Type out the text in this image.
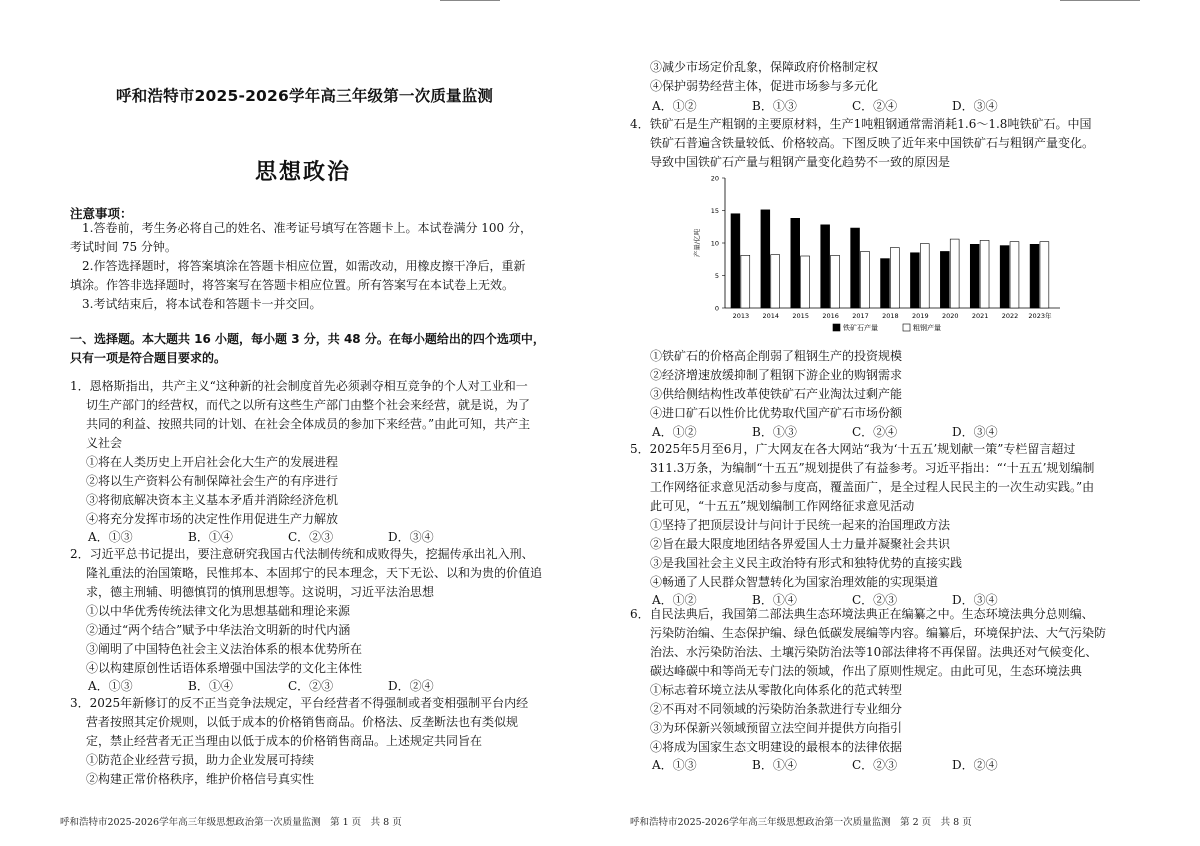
呼和浩特市2025-2026学年高三年级第一次质量监测
思想政治
注意事项：
1.答卷前，考生务必将自己的姓名、准考证号填写在答题卡上。本试卷满分 100 分，
考试时间 75 分钟。
2.作答选择题时，将答案填涂在答题卡相应位置，如需改动，用橡皮擦干净后，重新
填涂。作答非选择题时，将答案写在答题卡相应位置。所有答案写在本试卷上无效。
3.考试结束后，将本试卷和答题卡一并交回。
一、选择题。本大题共 16 小题，每小题 3 分，共 48 分。在每小题给出的四个选项中，
只有一项是符合题目要求的。
1．恩格斯指出，共产主义“这种新的社会制度首先必须剥夺相互竞争的个人对工业和一
切生产部门的经营权，而代之以所有这些生产部门由整个社会来经营，就是说，为了
共同的利益、按照共同的计划、在社会全体成员的参加下来经营。”由此可知，共产主
义社会
①将在人类历史上开启社会化大生产的发展进程
②将以生产资料公有制保障社会生产的有序进行
③将彻底解决资本主义基本矛盾并消除经济危机
④将充分发挥市场的决定性作用促进生产力解放
A．①③	B．①④	C．②③	D．③④
2．习近平总书记提出，要注意研究我国古代法制传统和成败得失，挖掘传承出礼入刑、
隆礼重法的治国策略，民惟邦本、本固邦宁的民本理念，天下无讼、以和为贵的价值追
求，德主刑辅、明德慎罚的慎刑思想等。这说明，习近平法治思想
①以中华优秀传统法律文化为思想基础和理论来源
②通过“两个结合”赋予中华法治文明新的时代内涵
③阐明了中国特色社会主义法治体系的根本优势所在
④以构建原创性话语体系增强中国法学的文化主体性
A．①③	B．①④	C．②③	D．②④
3．2025年新修订的反不正当竞争法规定，平台经营者不得强制或者变相强制平台内经
营者按照其定价规则，以低于成本的价格销售商品。价格法、反垄断法也有类似规
定，禁止经营者无正当理由以低于成本的价格销售商品。上述规定共同旨在
①防范企业经营亏损，助力企业发展可持续
②构建正常价格秩序，维护价格信号真实性
呼和浩特市2025-2026学年高三年级思想政治第一次质量监测　第 1 页　共 8 页
③减少市场定价乱象，保障政府价格制定权
④保护弱势经营主体，促进市场参与多元化
A．①②	B．①③	C．②④	D．③④
4．铁矿石是生产粗钢的主要原材料，生产1吨粗钢通常需消耗1.6～1.8吨铁矿石。中国
铁矿石普遍含铁量较低、价格较高。下图反映了近年来中国铁矿石与粗钢产量变化。
导致中国铁矿石产量与粗钢产量变化趋势不一致的原因是
0
5
10
15
20
产量/亿吨
2013 2014 2015 2016 2017 2018 2019 2020 2021 2022 2023年
铁矿石产量	粗钢产量
①铁矿石的价格高企削弱了粗钢生产的投资规模
②经济增速放缓抑制了粗钢下游企业的购钢需求
③供给侧结构性改革使铁矿石产业淘汰过剩产能
④进口矿石以性价比优势取代国产矿石市场份额
A．①②	B．①③	C．②④	D．③④
5．2025年5月至6月，广大网友在各大网站“我为‘十五五’规划献一策”专栏留言超过
311.3万条，为编制“十五五”规划提供了有益参考。习近平指出：“‘十五五’规划编制
工作网络征求意见活动参与度高，覆盖面广，是全过程人民民主的一次生动实践。”由
此可见，“十五五”规划编制工作网络征求意见活动
①坚持了把顶层设计与问计于民统一起来的治国理政方法
②旨在最大限度地团结各界爱国人士力量并凝聚社会共识
③是我国社会主义民主政治特有形式和独特优势的直接实践
④畅通了人民群众智慧转化为国家治理效能的实现渠道
A．①②	B．①④	C．②③	D．③④
6．自民法典后，我国第二部法典生态环境法典正在编纂之中。生态环境法典分总则编、
污染防治编、生态保护编、绿色低碳发展编等内容。编纂后，环境保护法、大气污染防
治法、水污染防治法、土壤污染防治法等10部法律将不再保留。法典还对气候变化、
碳达峰碳中和等尚无专门法的领域，作出了原则性规定。由此可见，生态环境法典
①标志着环境立法从零散化向体系化的范式转型
②不再对不同领域的污染防治条款进行专业细分
③为环保新兴领域预留立法空间并提供方向指引
④将成为国家生态文明建设的最根本的法律依据
A．①③	B．①④	C．②③	D．②④
呼和浩特市2025-2026学年高三年级思想政治第一次质量监测　第 2 页　共 8 页
